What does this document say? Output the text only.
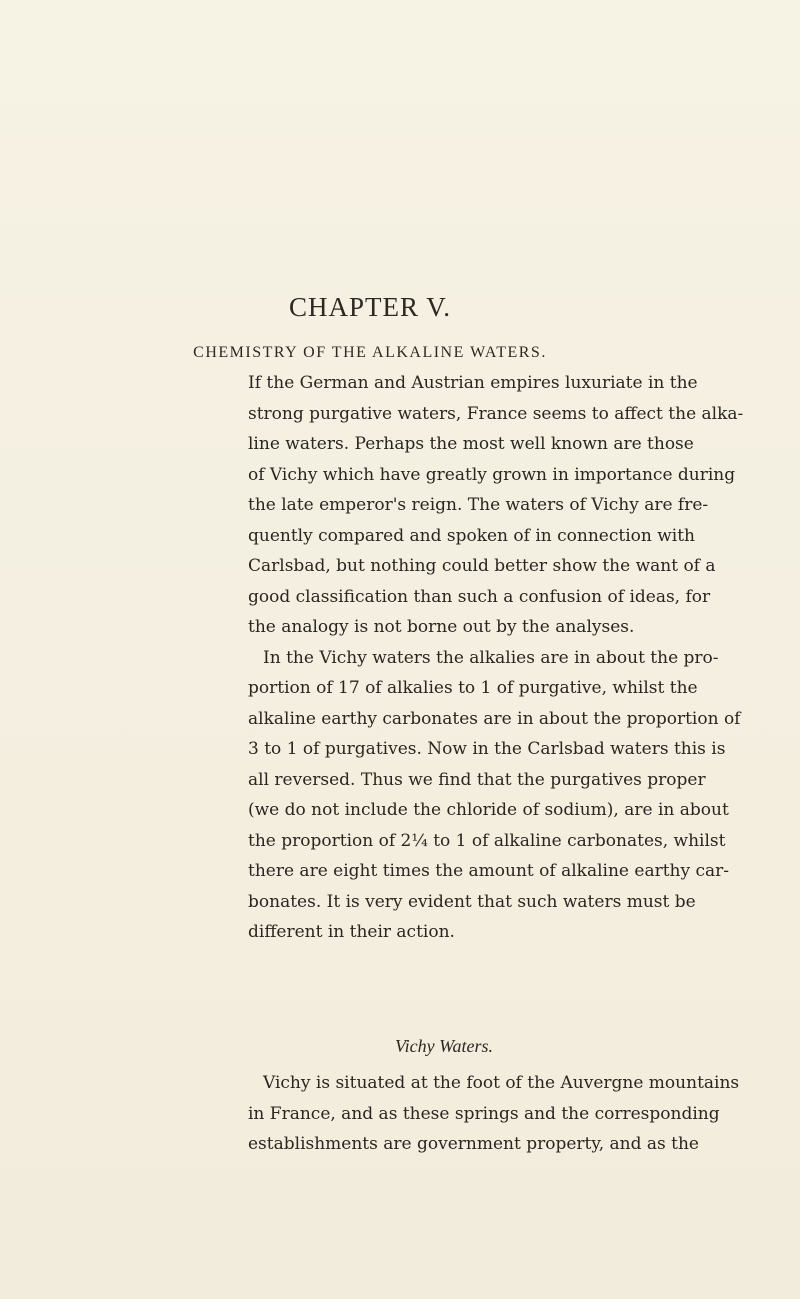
CHAPTER V.
CHEMISTRY OF THE ALKALINE WATERS.
If the German and Austrian empires luxuriate in the
strong purgative waters, France seems to affect the alka-
line waters. Perhaps the most well known are those
of Vichy which have greatly grown in importance during
the late emperor's reign. The waters of Vichy are fre-
quently compared and spoken of in connection with
Carlsbad, but nothing could better show the want of a
good classification than such a confusion of ideas, for
the analogy is not borne out by the analyses.
In the Vichy waters the alkalies are in about the pro-
portion of 17 of alkalies to 1 of purgative, whilst the
alkaline earthy carbonates are in about the proportion of
3 to 1 of purgatives. Now in the Carlsbad waters this is
all reversed. Thus we find that the purgatives proper
(we do not include the chloride of sodium), are in about
the proportion of 2¼ to 1 of alkaline carbonates, whilst
there are eight times the amount of alkaline earthy car-
bonates. It is very evident that such waters must be
different in their action.
Vichy Waters.
Vichy is situated at the foot of the Auvergne mountains
in France, and as these springs and the corresponding
establishments are government property, and as the
